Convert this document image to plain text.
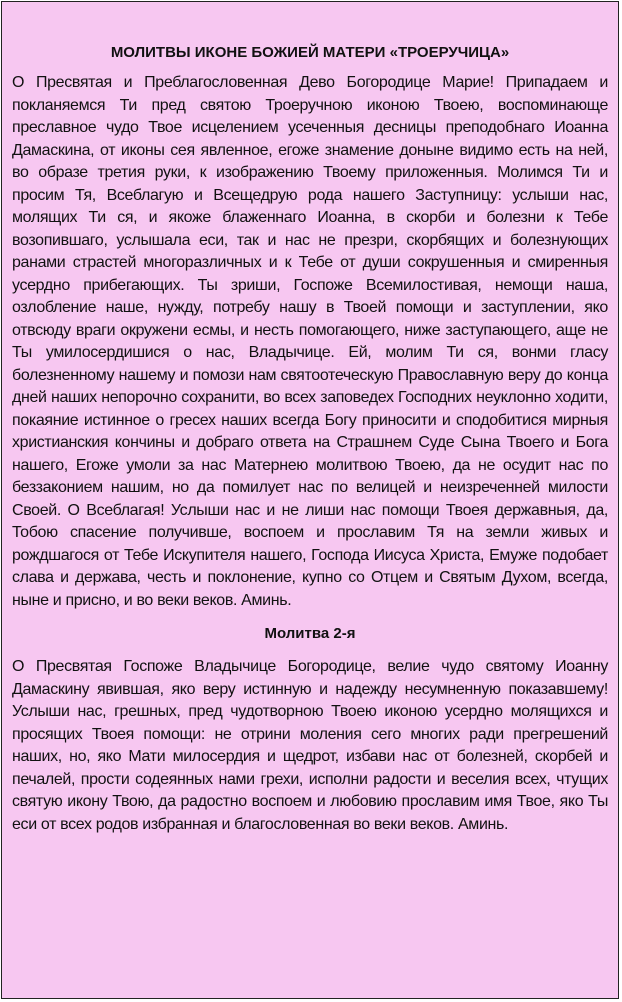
МОЛИТВЫ ИКОНЕ БОЖИЕЙ МАТЕРИ «ТРОЕРУЧИЦА»

О Пресвятая и Преблагословенная Дево Богородице Марие! Припадаем и покланяемся Ти пред святою Троеручною иконою Твоею, воспоминающе преславное чудо Твое исцелением усеченныя десницы преподобнаго Иоанна Дамаскина, от иконы сея явленное, егоже знамение доныне видимо есть на ней, во образе третия руки, к изображению Твоему приложенныя. Молимся Ти и просим Тя, Всеблагую и Всещедрую рода нашего Заступницу: услыши нас, молящих Ти ся, и якоже блаженнаго Иоанна, в скорби и болезни к Тебе возопившаго, услышала еси, так и нас не презри, скорбящих и болезнующих ранами страстей многоразличных и к Тебе от души сокрушенныя и смиренныя усердно прибегающих. Ты зриши, Госпоже Всемилостивая, немощи наша, озлобление наше, нужду, потребу нашу в Твоей помощи и заступлении, яко отвсюду враги окружени есмы, и несть помогающего, ниже заступающего, аще не Ты умилосердишися о нас, Владычице. Ей, молим Ти ся, вонми гласу болезненному нашему и помози нам святоотеческую Православную веру до конца дней наших непорочно сохранити, во всех заповедех Господних неуклонно ходити, покаяние истинное о гресех наших всегда Богу приносити и сподобитися мирныя христианския кончины и добраго ответа на Страшнем Суде Сына Твоего и Бога нашего, Егоже умоли за нас Матернею молитвою Твоею, да не осудит нас по беззаконием нашим, но да помилует нас по велицей и неизреченней милости Своей. О Всеблагая! Услыши нас и не лиши нас помощи Твоея державныя, да, Тобою спасение получивше, воспоем и прославим Тя на земли живых и рождшагося от Тебе Искупителя нашего, Господа Иисуса Христа, Емуже подобает слава и держава, честь и поклонение, купно со Отцем и Святым Духом, всегда, ныне и присно, и во веки веков. Аминь.

Молитва 2-я

О Пресвятая Госпоже Владычице Богородице, велие чудо святому Иоанну Дамаскину явившая, яко веру истинную и надежду несумненную показавшему! Услыши нас, грешных, пред чудотворною Твоею иконою усердно молящихся и просящих Твоея помощи: не отрини моления сего многих ради прегрешений наших, но, яко Мати милосердия и щедрот, избави нас от болезней, скорбей и печалей, прости содеянных нами грехи, исполни радости и веселия всех, чтущих святую икону Твою, да радостно воспоем и любовию прославим имя Твое, яко Ты еси от всех родов избранная и благословенная во веки веков. Аминь.
